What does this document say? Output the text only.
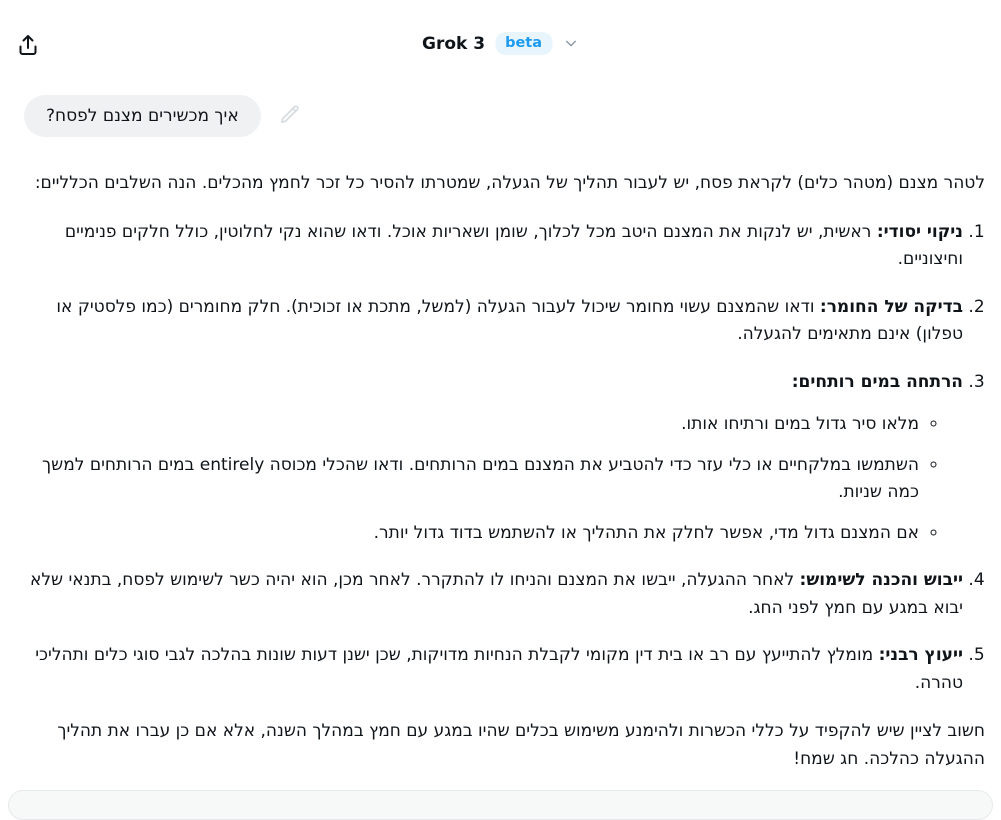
Grok 3	beta
איך מכשירים מצנם לפסח?

לטהר מצנם (מטהר כלים) לקראת פסח, יש לעבור תהליך של הגעלה, שמטרתו להסיר כל זכר לחמץ מהכלים. הנה השלבים הכלליים:

1. ניקוי יסודי: ראשית, יש לנקות את המצנם היטב מכל לכלוך, שומן ושאריות אוכל. ודאו שהוא נקי לחלוטין, כולל חלקים פנימיים וחיצוניים.
2. בדיקה של החומר: ודאו שהמצנם עשוי מחומר שיכול לעבור הגעלה (למשל, מתכת או זכוכית). חלק מחומרים (כמו פלסטיק או טפלון) אינם מתאימים להגעלה.
3. הרתחה במים רותחים:
◦ מלאו סיר גדול במים ורתיחו אותו.
◦ השתמשו במלקחיים או כלי עזר כדי להטביע את המצנם במים הרותחים. ודאו שהכלי מכוסה entirely במים הרותחים למשך כמה שניות.
◦ אם המצנם גדול מדי, אפשר לחלק את התהליך או להשתמש בדוד גדול יותר.
4. ייבוש והכנה לשימוש: לאחר ההגעלה, ייבשו את המצנם והניחו לו להתקרר. לאחר מכן, הוא יהיה כשר לשימוש לפסח, בתנאי שלא יבוא במגע עם חמץ לפני החג.
5. ייעוץ רבני: מומלץ להתייעץ עם רב או בית דין מקומי לקבלת הנחיות מדויקות, שכן ישנן דעות שונות בהלכה לגבי סוגי כלים ותהליכי טהרה.

חשוב לציין שיש להקפיד על כללי הכשרות ולהימנע משימוש בכלים שהיו במגע עם חמץ במהלך השנה, אלא אם כן עברו את תהליך ההגעלה כהלכה. חג שמח!
